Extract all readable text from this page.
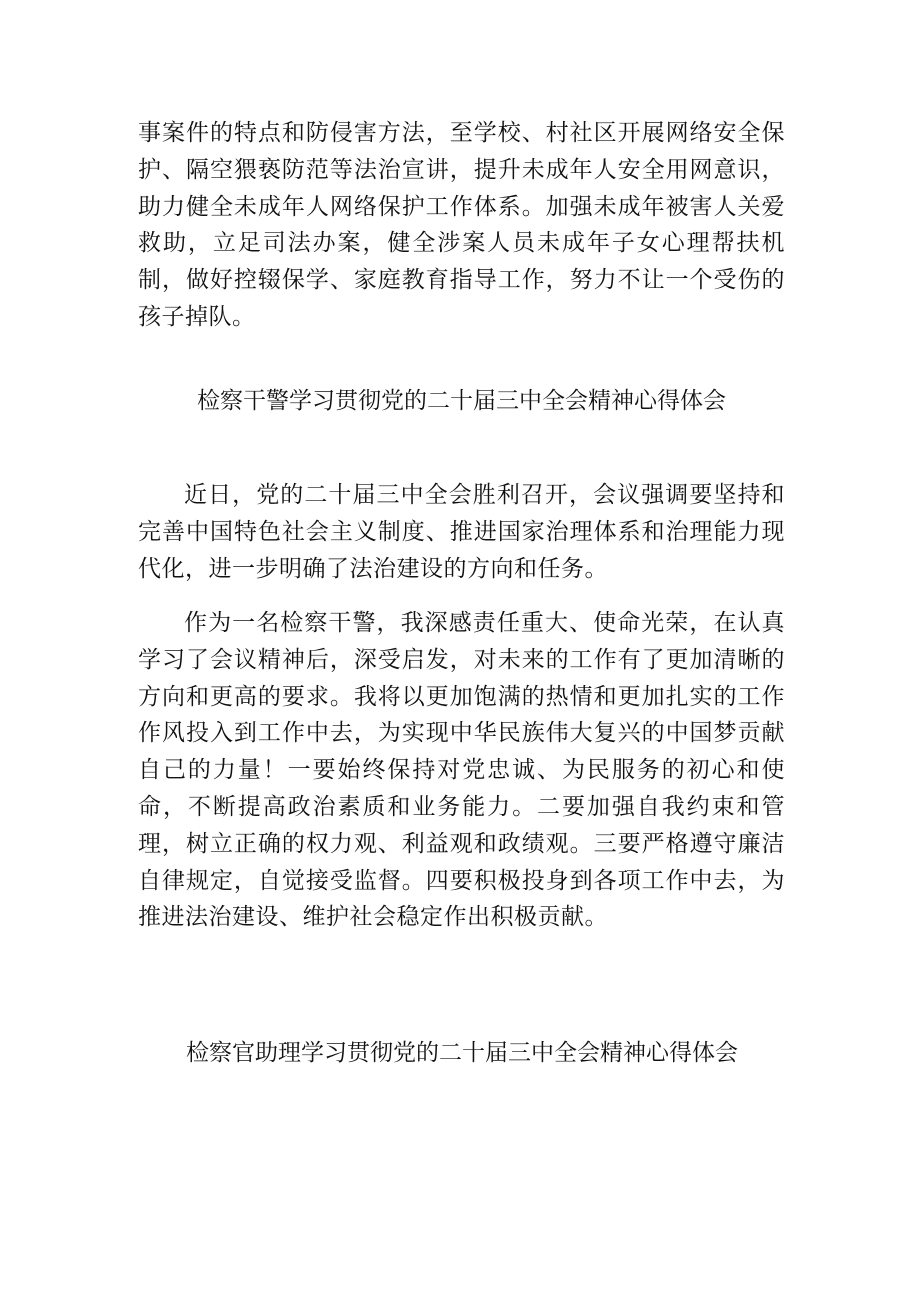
事案件的特点和防侵害方法，至学校、村社区开展网络安全保护、隔空猥亵防范等法治宣讲，提升未成年人安全用网意识，助力健全未成年人网络保护工作体系。加强未成年被害人关爱救助，立足司法办案，健全涉案人员未成年子女心理帮扶机制，做好控辍保学、家庭教育指导工作，努力不让一个受伤的孩子掉队。

检察干警学习贯彻党的二十届三中全会精神心得体会

近日，党的二十届三中全会胜利召开，会议强调要坚持和完善中国特色社会主义制度、推进国家治理体系和治理能力现代化，进一步明确了法治建设的方向和任务。

作为一名检察干警，我深感责任重大、使命光荣，在认真学习了会议精神后，深受启发，对未来的工作有了更加清晰的方向和更高的要求。我将以更加饱满的热情和更加扎实的工作作风投入到工作中去，为实现中华民族伟大复兴的中国梦贡献自己的力量！一要始终保持对党忠诚、为民服务的初心和使命，不断提高政治素质和业务能力。二要加强自我约束和管理，树立正确的权力观、利益观和政绩观。三要严格遵守廉洁自律规定，自觉接受监督。四要积极投身到各项工作中去，为推进法治建设、维护社会稳定作出积极贡献。

检察官助理学习贯彻党的二十届三中全会精神心得体会
